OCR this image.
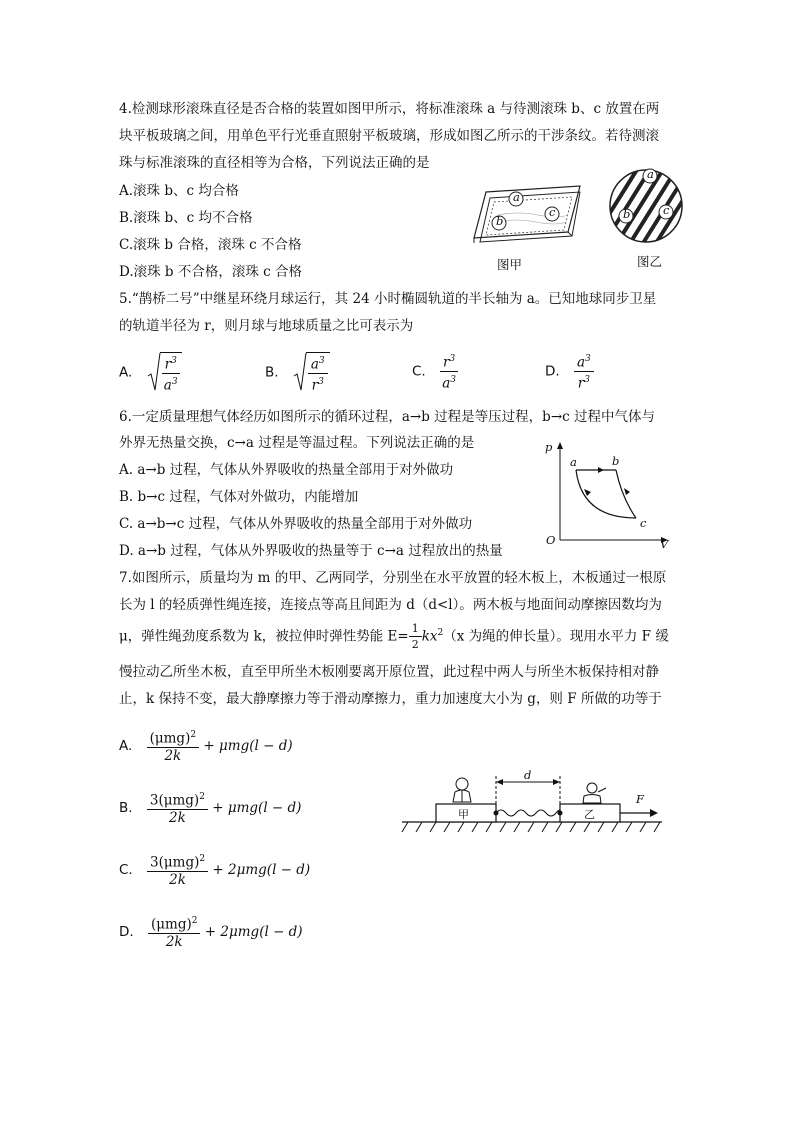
4.检测球形滚珠直径是否合格的装置如图甲所示，将标准滚珠 a 与待测滚珠 b、c 放置在两
块平板玻璃之间，用单色平行光垂直照射平板玻璃，形成如图乙所示的干涉条纹。若待测滚
珠与标准滚珠的直径相等为合格，下列说法正确的是
A.滚珠 b、c 均合格
B.滚珠 b、c 均不合格
C.滚珠 b 合格，滚珠 c 不合格
D.滚珠 b 不合格，滚珠 c 合格
a
c
b
图甲
a
c
b
图乙
5.“鹊桥二号”中继星环绕月球运行，其 24 小时椭圆轨道的半长轴为 a。已知地球同步卫星
的轨道半径为 r，则月球与地球质量之比可表示为
A. $\frac{r^3}{a^3}$	B. $\frac{a^3}{r^3}$	C. $\frac{r^3}{a^3}$	D. $\frac{a^3}{r^3}$
6.一定质量理想气体经历如图所示的循环过程，a→b 过程是等压过程，b→c 过程中气体与
外界无热量交换，c→a 过程是等温过程。下列说法正确的是
A. a→b 过程，气体从外界吸收的热量全部用于对外做功
B. b→c 过程，气体对外做功，内能增加
C. a→b→c 过程，气体从外界吸收的热量全部用于对外做功
D. a→b 过程，气体从外界吸收的热量等于 c→a 过程放出的热量
p
V
O
a	b
c
7.如图所示，质量均为 m 的甲、乙两同学，分别坐在水平放置的轻木板上，木板通过一根原
长为 l 的轻质弹性绳连接，连接点等高且间距为 d（d<l）。两木板与地面间动摩擦因数均为
μ，弹性绳劲度系数为 k，被拉伸时弹性势能 $E= \frac{1}{2} kx^2(x$ 为绳的伸长量）。现用水平力 F 缓
慢拉动乙所坐木板，直至甲所坐木板刚要离开原位置，此过程中两人与所坐木板保持相对静
止，k 保持不变，最大静摩擦力等于滑动摩擦力，重力加速度大小为 g，则 F 所做的功等于
A. $\frac{(\mu mg)^2}{2k} + \mu mg(l - d)$
B. $\frac{3(\mu mg)^2}{2k} + \mu mg(l - d)$
C. $\frac{3(\mu mg)^2}{2k} + 2\mu mg(l - d)$
D. $\frac{(\mu mg)^2}{2k} + 2\mu mg(l - d)$
d
F
甲	乙
